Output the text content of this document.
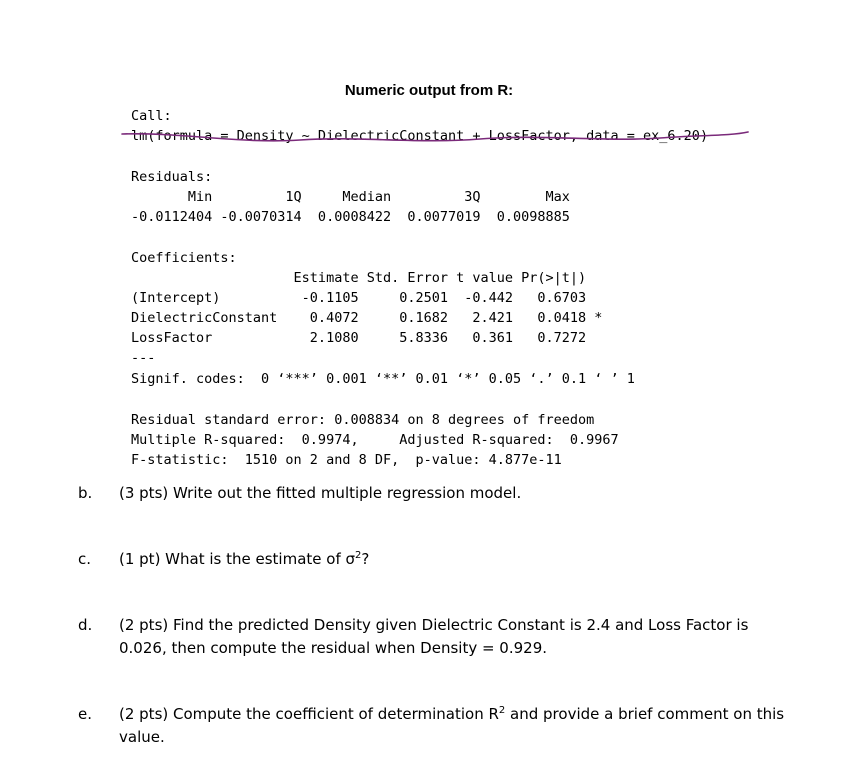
Numeric output from R:
Call:
lm(formula = Density ~ DielectricConstant + LossFactor, data = ex_6.20)
Residuals:
Min         1Q     Median         3Q        Max
-0.0112404 -0.0070314  0.0008422  0.0077019  0.0098885
Coefficients:
Estimate Std. Error t value Pr(>|t|)
(Intercept)          -0.1105     0.2501  -0.442   0.6703
DielectricConstant    0.4072     0.1682   2.421   0.0418 *
LossFactor            2.1080     5.8336   0.361   0.7272
---
Signif. codes:  0 ‘***’ 0.001 ‘**’ 0.01 ‘*’ 0.05 ‘.’ 0.1 ‘ ’ 1
Residual standard error: 0.008834 on 8 degrees of freedom
Multiple R-squared:  0.9974,     Adjusted R-squared:  0.9967
F-statistic:  1510 on 2 and 8 DF,  p-value: 4.877e-11
b. (3 pts) Write out the fitted multiple regression model.
c. (1 pt) What is the estimate of $\sigma^2$?
d. (2 pts) Find the predicted Density given Dielectric Constant is 2.4 and Loss Factor is 0.026, then compute the residual when Density = 0.929.
e. (2 pts) Compute the coefficient of determination $R^2$ and provide a brief comment on this value.
